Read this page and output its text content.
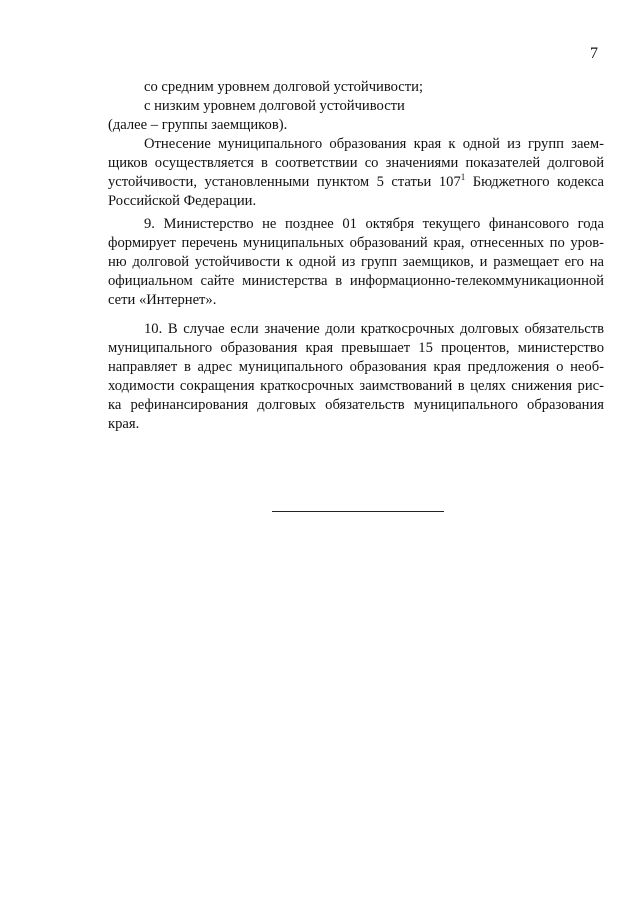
7
со средним уровнем долговой устойчивости;
с низким уровнем долговой устойчивости
(далее – группы заемщиков).
Отнесение муниципального образования края к одной из групп заем-
щиков осуществляется в соответствии со значениями показателей долговой
устойчивости, установленными пунктом 5 статьи $107^1$ Бюджетного кодекса
Российской Федерации.
9. Министерство не позднее 01 октября текущего финансового года
формирует перечень муниципальных образований края, отнесенных по уров-
ню долговой устойчивости к одной из групп заемщиков, и размещает его на
официальном сайте министерства в информационно-телекоммуникационной
сети «Интернет».
10. В случае если значение доли краткосрочных долговых обязательств
муниципального образования края превышает 15 процентов, министерство
направляет в адрес муниципального образования края предложения о необ-
ходимости сокращения краткосрочных заимствований в целях снижения рис-
ка рефинансирования долговых обязательств муниципального образования
края.
